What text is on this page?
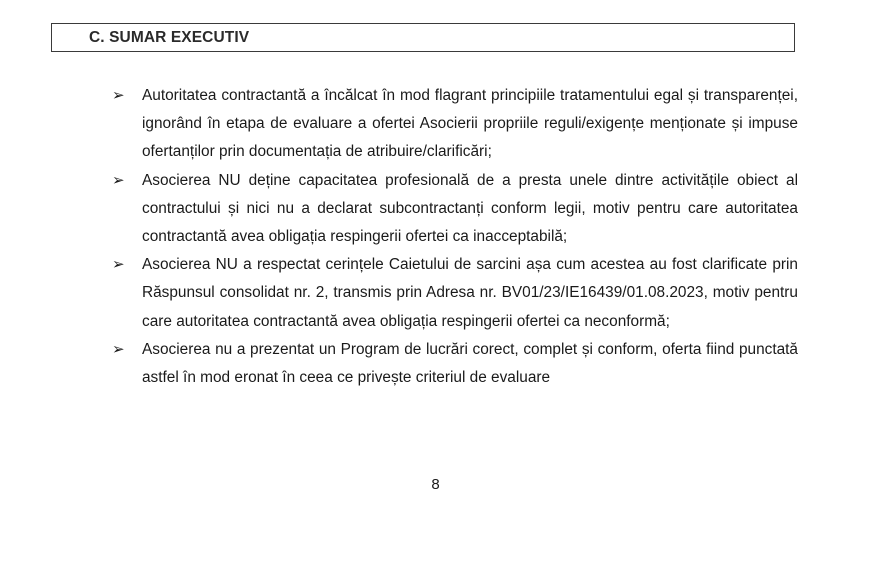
C. SUMAR EXECUTIV
➢ Autoritatea contractantă a încălcat în mod flagrant principiile tratamentului egal și transparenței, ignorând în etapa de evaluare a ofertei Asocierii propriile reguli/exigențe menționate și impuse ofertanților prin documentația de atribuire/clarificări;
➢ Asocierea NU deține capacitatea profesională de a presta unele dintre activitățile obiect al contractului și nici nu a declarat subcontractanți conform legii, motiv pentru care autoritatea contractantă avea obligația respingerii ofertei ca inacceptabilă;
➢ Asocierea NU a respectat cerințele Caietului de sarcini așa cum acestea au fost clarificate prin Răspunsul consolidat nr. 2, transmis prin Adresa nr. BV01/23/IE16439/01.08.2023, motiv pentru care autoritatea contractantă avea obligația respingerii ofertei ca neconformă;
➢ Asocierea nu a prezentat un Program de lucrări corect, complet și conform, oferta fiind punctată astfel în mod eronat în ceea ce privește criteriul de evaluare
8
